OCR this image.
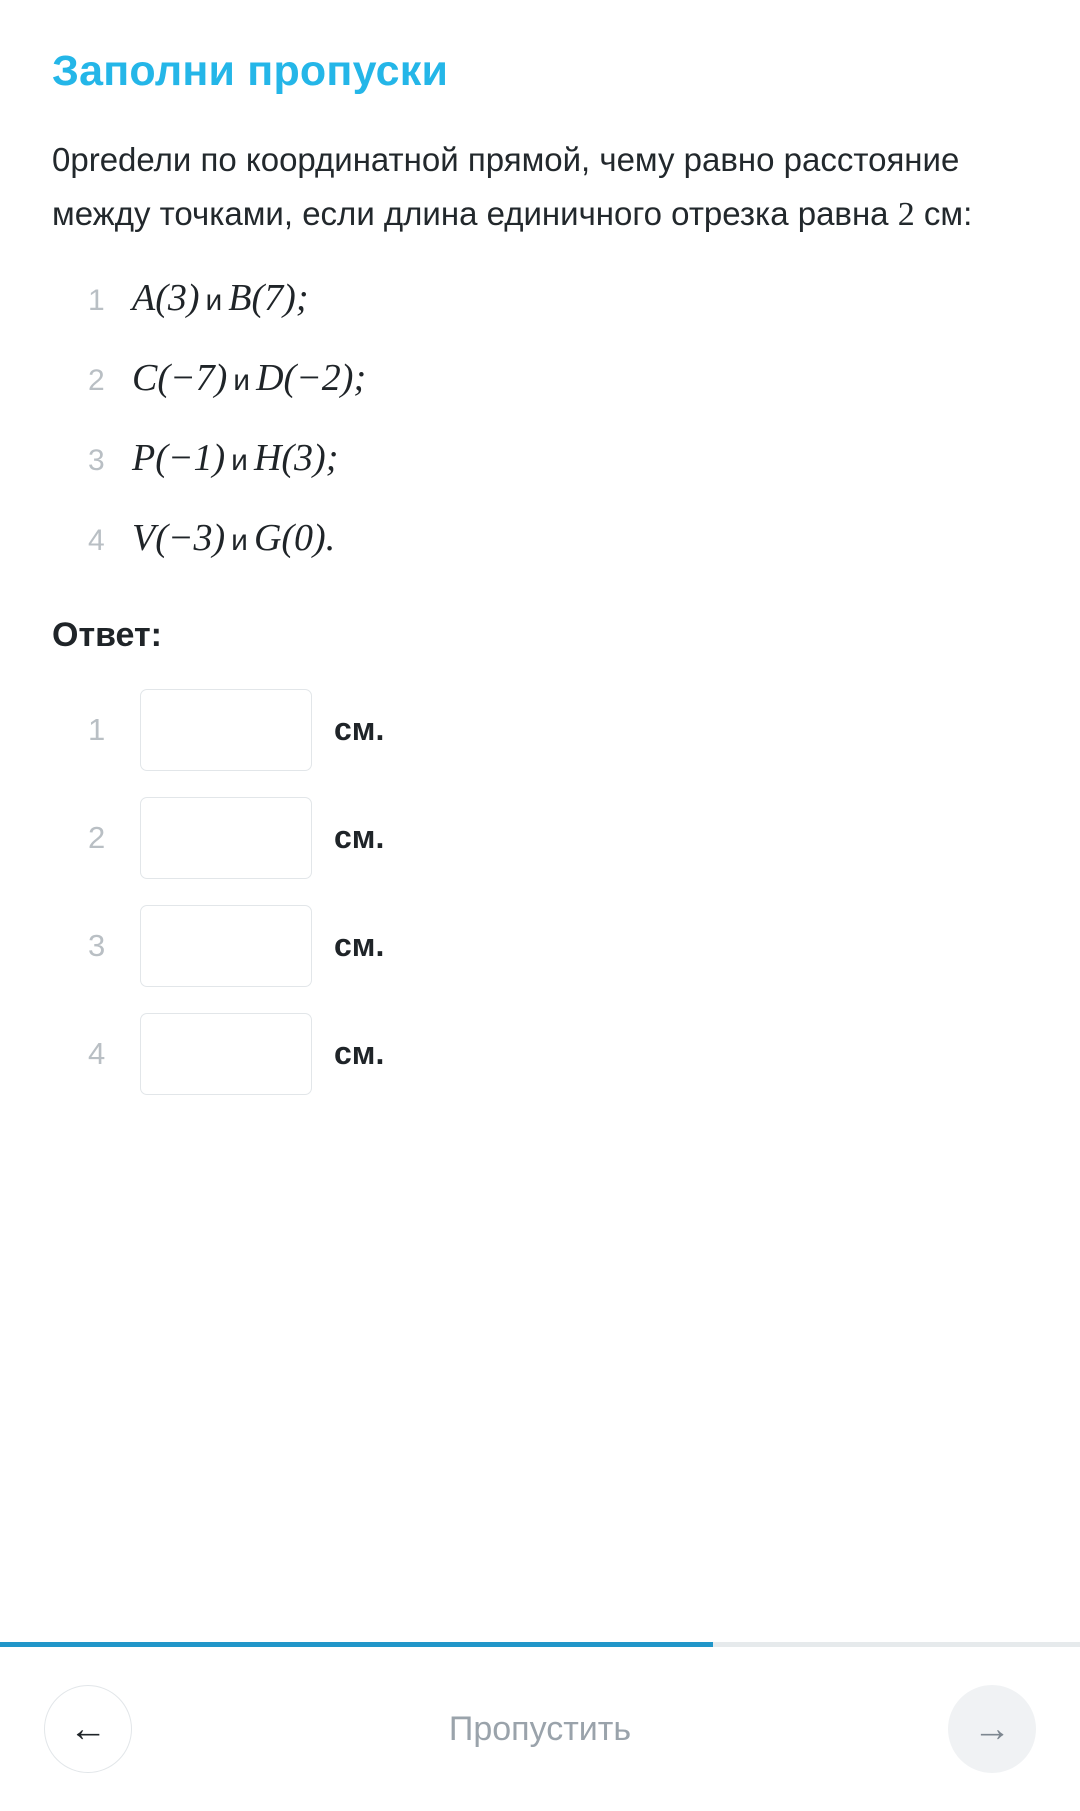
Заполни пропуски

0predели по координатной прямой, чему равно расстояние между точками, если длина единичного отрезка равна 2 см:

1 A(3) и B(7);
2 C(−7) и D(−2);
3 P(−1) и H(3);
4 V(−3) и G(0).
Ответ:
1	см.
2	см.
3	см.
4	см.
←	Пропустить	→
